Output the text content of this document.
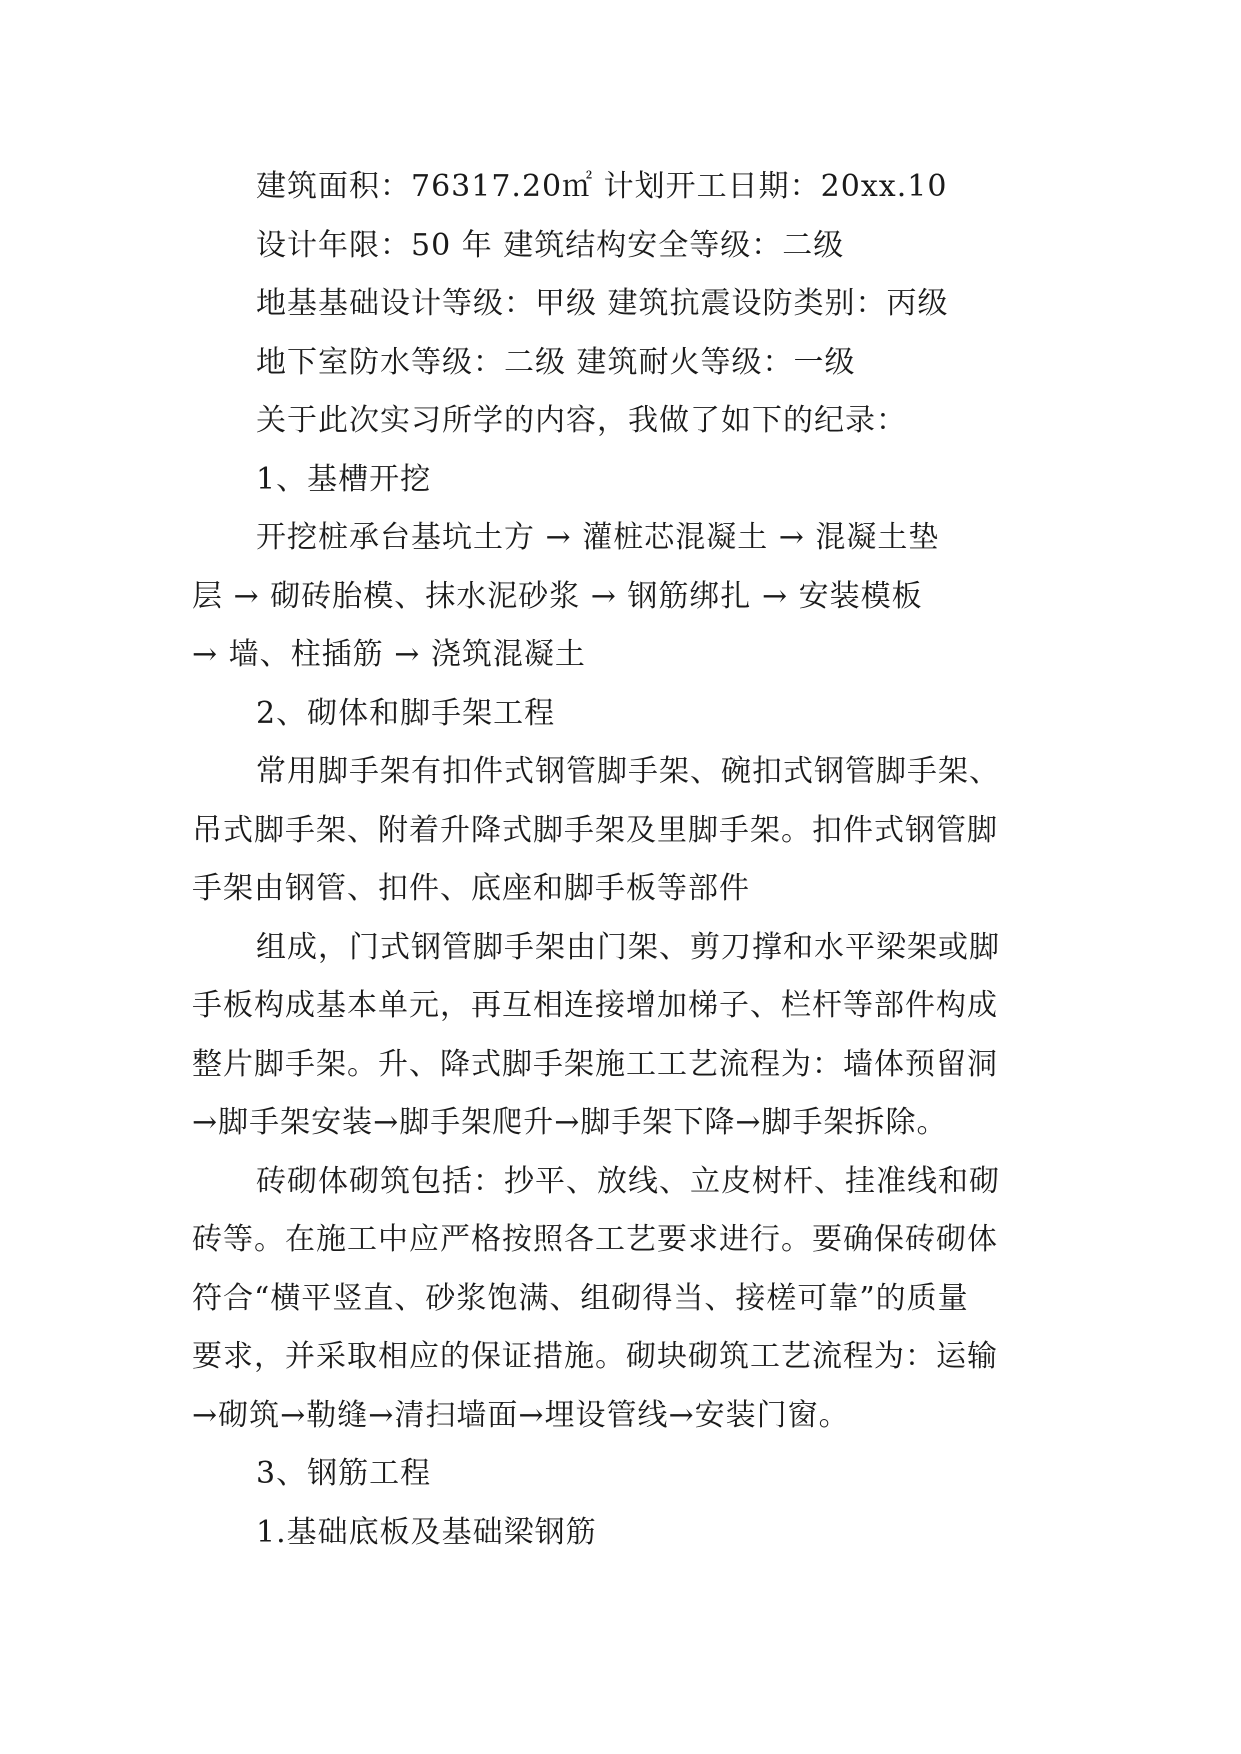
建筑面积：76317.20㎡ 计划开工日期：20xx.10
设计年限：50 年 建筑结构安全等级：二级
地基基础设计等级：甲级 建筑抗震设防类别：丙级
地下室防水等级：二级 建筑耐火等级：一级
关于此次实习所学的内容，我做了如下的纪录：
1、基槽开挖
开挖桩承台基坑土方 → 灌桩芯混凝土 → 混凝土垫
层 → 砌砖胎模、抹水泥砂浆 → 钢筋绑扎 → 安装模板
→ 墙、柱插筋 → 浇筑混凝土
2、砌体和脚手架工程
常用脚手架有扣件式钢管脚手架、碗扣式钢管脚手架、
吊式脚手架、附着升降式脚手架及里脚手架。扣件式钢管脚
手架由钢管、扣件、底座和脚手板等部件
组成，门式钢管脚手架由门架、剪刀撑和水平梁架或脚
手板构成基本单元，再互相连接增加梯子、栏杆等部件构成
整片脚手架。升、降式脚手架施工工艺流程为：墙体预留洞
→脚手架安装→脚手架爬升→脚手架下降→脚手架拆除。
砖砌体砌筑包括：抄平、放线、立皮树杆、挂准线和砌
砖等。在施工中应严格按照各工艺要求进行。要确保砖砌体
符合“横平竖直、砂浆饱满、组砌得当、接槎可靠”的质量
要求，并采取相应的保证措施。砌块砌筑工艺流程为：运输
→砌筑→勒缝→清扫墙面→埋设管线→安装门窗。
3、钢筋工程
1.基础底板及基础梁钢筋
